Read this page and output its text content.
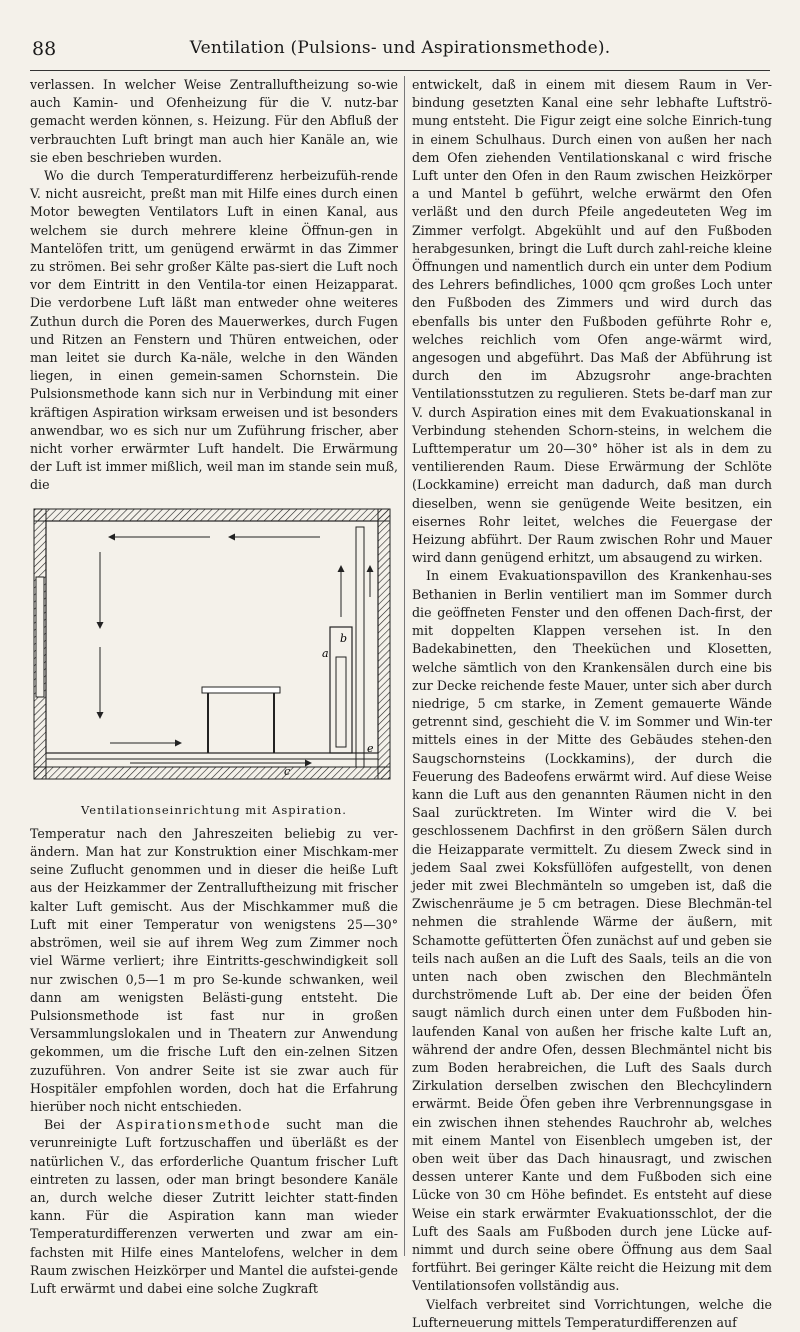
88	Ventilation (Pulsions- und Aspirationsmethode).

verlassen. In welcher Weise Zentralluftheizung so-wie auch Kamin- und Ofenheizung für die V. nutz-bar gemacht werden können, s. Heizung. Für den Abfluß der verbrauchten Luft bringt man auch hier Kanäle an, wie sie eben beschrieben wurden.

Wo die durch Temperaturdifferenz herbeizufüh-rende V. nicht ausreicht, preßt man mit Hilfe eines durch einen Motor bewegten Ventilators Luft in einen Kanal, aus welchem sie durch mehrere kleine Öffnun-gen in Mantelöfen tritt, um genügend erwärmt in das Zimmer zu strömen. Bei sehr großer Kälte pas-siert die Luft noch vor dem Eintritt in den Ventila-tor einen Heizapparat. Die verdorbene Luft läßt man entweder ohne weiteres Zuthun durch die Poren des Mauerwerkes, durch Fugen und Ritzen an Fenstern und Thüren entweichen, oder man leitet sie durch Ka-näle, welche in den Wänden liegen, in einen gemein-samen Schornstein. Die Pulsionsmethode kann sich nur in Verbindung mit einer kräftigen Aspiration wirksam erweisen und ist besonders anwendbar, wo es sich nur um Zuführung frischer, aber nicht vorher erwärmter Luft handelt. Die Erwärmung der Luft ist immer mißlich, weil man im stande sein muß, die

a
b
c
e
Ventilationseinrichtung mit Aspiration.

Temperatur nach den Jahreszeiten beliebig zu ver-ändern. Man hat zur Konstruktion einer Mischkam-mer seine Zuflucht genommen und in dieser die heiße Luft aus der Heizkammer der Zentralluftheizung mit frischer kalter Luft gemischt. Aus der Mischkammer muß die Luft mit einer Temperatur von wenigstens 25—30° abströmen, weil sie auf ihrem Weg zum Zimmer noch viel Wärme verliert; ihre Eintritts-geschwindigkeit soll nur zwischen 0,5—1 m pro Se-kunde schwanken, weil dann am wenigsten Belästi-gung entsteht. Die Pulsionsmethode ist fast nur in großen Versammlungslokalen und in Theatern zur Anwendung gekommen, um die frische Luft den ein-zelnen Sitzen zuzuführen. Von andrer Seite ist sie zwar auch für Hospitäler empfohlen worden, doch hat die Erfahrung hierüber noch nicht entschieden.

Bei der Aspirationsmethode sucht man die verunreinigte Luft fortzuschaffen und überläßt es der natürlichen V., das erforderliche Quantum frischer Luft eintreten zu lassen, oder man bringt besondere Kanäle an, durch welche dieser Zutritt leichter statt-finden kann. Für die Aspiration kann man wieder Temperaturdifferenzen verwerten und zwar am ein-fachsten mit Hilfe eines Mantelofens, welcher in dem Raum zwischen Heizkörper und Mantel die aufstei-gende Luft erwärmt und dabei eine solche Zugkraft

entwickelt, daß in einem mit diesem Raum in Ver-bindung gesetzten Kanal eine sehr lebhafte Luftströ-mung entsteht. Die Figur zeigt eine solche Einrich-tung in einem Schulhaus. Durch einen von außen her nach dem Ofen ziehenden Ventilationskanal c wird frische Luft unter den Ofen in den Raum zwischen Heizkörper a und Mantel b geführt, welche erwärmt den Ofen verläßt und den durch Pfeile angedeuteten Weg im Zimmer verfolgt. Abgekühlt und auf den Fußboden herabgesunken, bringt die Luft durch zahl-reiche kleine Öffnungen und namentlich durch ein unter dem Podium des Lehrers befindliches, 1000 qcm großes Loch unter den Fußboden des Zimmers und wird durch das ebenfalls bis unter den Fußboden geführte Rohr e, welches reichlich vom Ofen ange-wärmt wird, angesogen und abgeführt. Das Maß der Abführung ist durch den im Abzugsrohr ange-brachten Ventilationsstutzen zu regulieren. Stets be-darf man zur V. durch Aspiration eines mit dem Evakuationskanal in Verbindung stehenden Schorn-steins, in welchem die Lufttemperatur um 20—30° höher ist als in dem zu ventilierenden Raum. Diese Erwärmung der Schlöte (Lockkamine) erreicht man dadurch, daß man durch dieselben, wenn sie genügende Weite besitzen, ein eisernes Rohr leitet, welches die Feuergase der Heizung abführt. Der Raum zwischen Rohr und Mauer wird dann genügend erhitzt, um absaugend zu wirken.

In einem Evakuationspavillon des Krankenhau-ses Bethanien in Berlin ventiliert man im Sommer durch die geöffneten Fenster und den offenen Dach-first, der mit doppelten Klappen versehen ist. In den Badekabinetten, den Theeküchen und Klosetten, welche sämtlich von den Krankensälen durch eine bis zur Decke reichende feste Mauer, unter sich aber durch niedrige, 5 cm starke, in Zement gemauerte Wände getrennt sind, geschieht die V. im Sommer und Win-ter mittels eines in der Mitte des Gebäudes stehen-den Saugschornsteins (Lockkamins), der durch die Feuerung des Badeofens erwärmt wird. Auf diese Weise kann die Luft aus den genannten Räumen nicht in den Saal zurücktreten. Im Winter wird die V. bei geschlossenem Dachfirst in den größern Sälen durch die Heizapparate vermittelt. Zu diesem Zweck sind in jedem Saal zwei Koksfüllöfen aufgestellt, von denen jeder mit zwei Blechmänteln so umgeben ist, daß die Zwischenräume je 5 cm betragen. Diese Blechmän-tel nehmen die strahlende Wärme der äußern, mit Schamotte gefütterten Öfen zunächst auf und geben sie teils nach außen an die Luft des Saals, teils an die von unten nach oben zwischen den Blechmänteln durchströmende Luft ab. Der eine der beiden Öfen saugt nämlich durch einen unter dem Fußboden hin-laufenden Kanal von außen her frische kalte Luft an, während der andre Ofen, dessen Blechmäntel nicht bis zum Boden herabreichen, die Luft des Saals durch Zirkulation derselben zwischen den Blechcylindern erwärmt. Beide Öfen geben ihre Verbrennungsgase in ein zwischen ihnen stehendes Rauchrohr ab, welches mit einem Mantel von Eisenblech umgeben ist, der oben weit über das Dach hinausragt, und zwischen dessen unterer Kante und dem Fußboden sich eine Lücke von 30 cm Höhe befindet. Es entsteht auf diese Weise ein stark erwärmter Evakuationsschlot, der die Luft des Saals am Fußboden durch jene Lücke auf-nimmt und durch seine obere Öffnung aus dem Saal fortführt. Bei geringer Kälte reicht die Heizung mit dem Ventilationsofen vollständig aus.

Vielfach verbreitet sind Vorrichtungen, welche die Lufterneuerung mittels Temperaturdifferenzen auf
